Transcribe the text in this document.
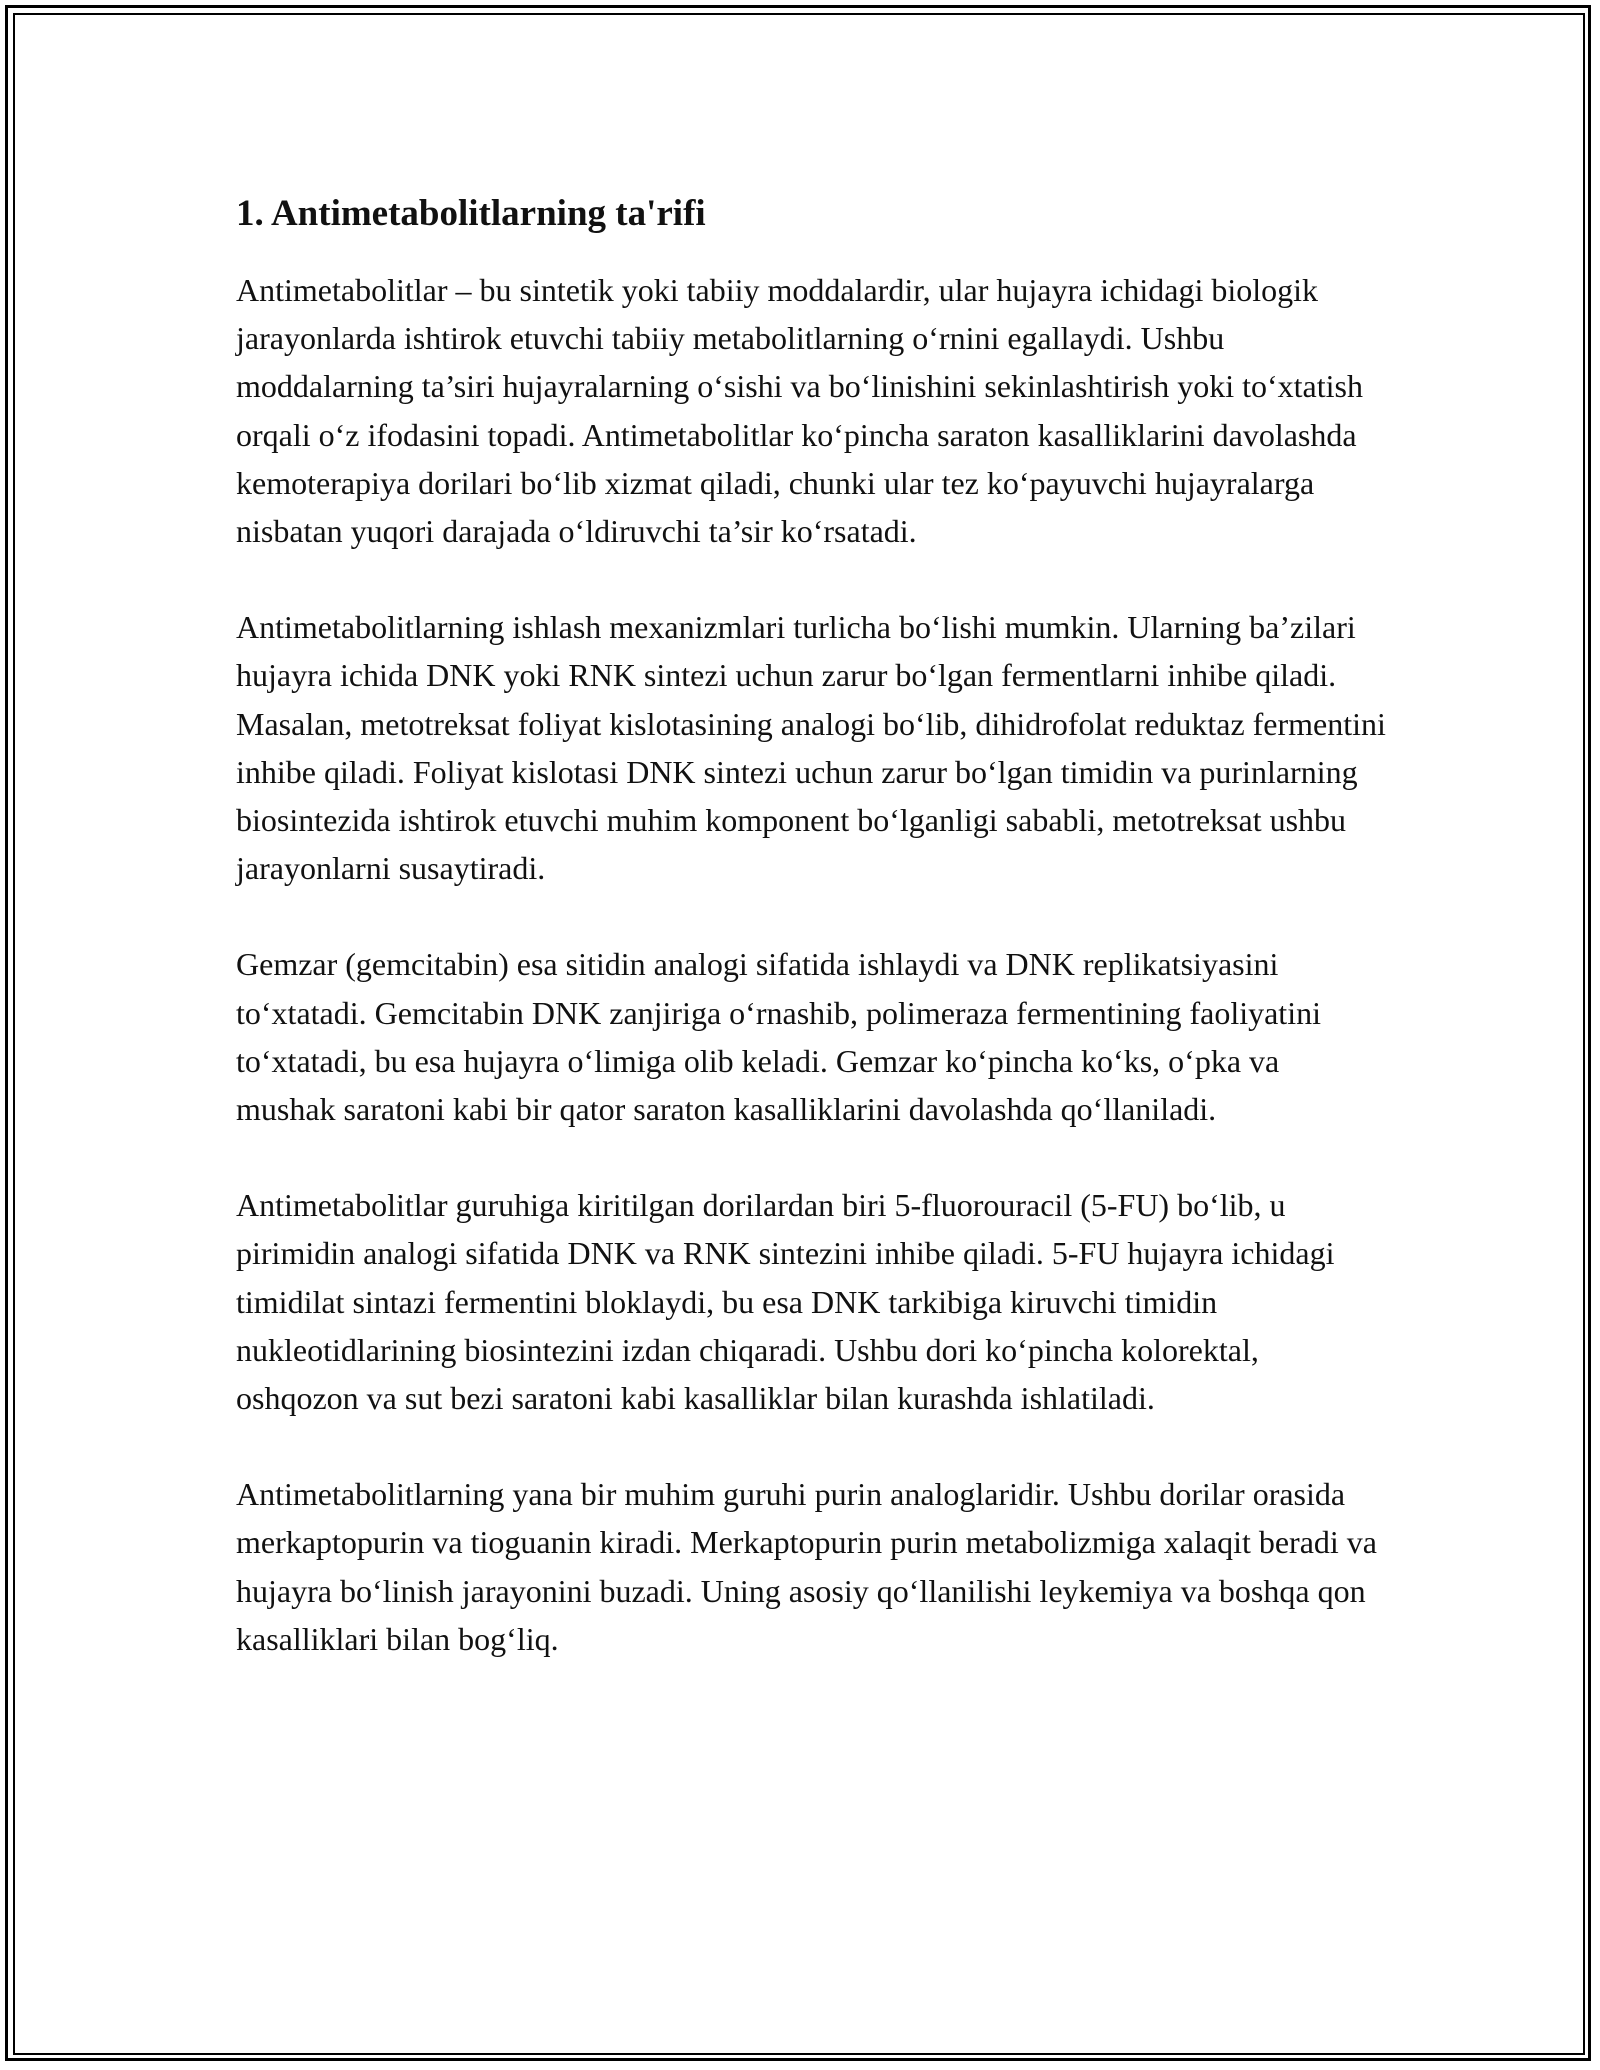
1. Antimetabolitlarning ta'rifi

Antimetabolitlar – bu sintetik yoki tabiiy moddalardir, ular hujayra ichidagi biologik jarayonlarda ishtirok etuvchi tabiiy metabolitlarning o‘rnini egallaydi. Ushbu moddalarning ta’siri hujayralarning o‘sishi va bo‘linishini sekinlashtirish yoki to‘xtatish orqali o‘z ifodasini topadi. Antimetabolitlar ko‘pincha saraton kasalliklarini davolashda kemoterapiya dorilari bo‘lib xizmat qiladi, chunki ular tez ko‘payuvchi hujayralarga nisbatan yuqori darajada o‘ldiruvchi ta’sir ko‘rsatadi.

Antimetabolitlarning ishlash mexanizmlari turlicha bo‘lishi mumkin. Ularning ba’zilari hujayra ichida DNK yoki RNK sintezi uchun zarur bo‘lgan fermentlarni inhibe qiladi. Masalan, metotreksat foliyat kislotasining analogi bo‘lib, dihidrofolat reduktaz fermentini inhibe qiladi. Foliyat kislotasi DNK sintezi uchun zarur bo‘lgan timidin va purinlarning biosintezida ishtirok etuvchi muhim komponent bo‘lganligi sababli, metotreksat ushbu jarayonlarni susaytiradi.

Gemzar (gemcitabin) esa sitidin analogi sifatida ishlaydi va DNK replikatsiyasini to‘xtatadi. Gemcitabin DNK zanjiriga o‘rnashib, polimeraza fermentining faoliyatini to‘xtatadi, bu esa hujayra o‘limiga olib keladi. Gemzar ko‘pincha ko‘ks, o‘pka va mushak saratoni kabi bir qator saraton kasalliklarini davolashda qo‘llaniladi.

Antimetabolitlar guruhiga kiritilgan dorilardan biri 5-fluorouracil (5-FU) bo‘lib, u pirimidin analogi sifatida DNK va RNK sintezini inhibe qiladi. 5-FU hujayra ichidagi timidilat sintazi fermentini bloklaydi, bu esa DNK tarkibiga kiruvchi timidin nukleotidlarining biosintezini izdan chiqaradi. Ushbu dori ko‘pincha kolorektal, oshqozon va sut bezi saratoni kabi kasalliklar bilan kurashda ishlatiladi.

Antimetabolitlarning yana bir muhim guruhi purin analoglaridir. Ushbu dorilar orasida merkaptopurin va tioguanin kiradi. Merkaptopurin purin metabolizmiga xalaqit beradi va hujayra bo‘linish jarayonini buzadi. Uning asosiy qo‘llanilishi leykemiya va boshqa qon kasalliklari bilan bog‘liq.
